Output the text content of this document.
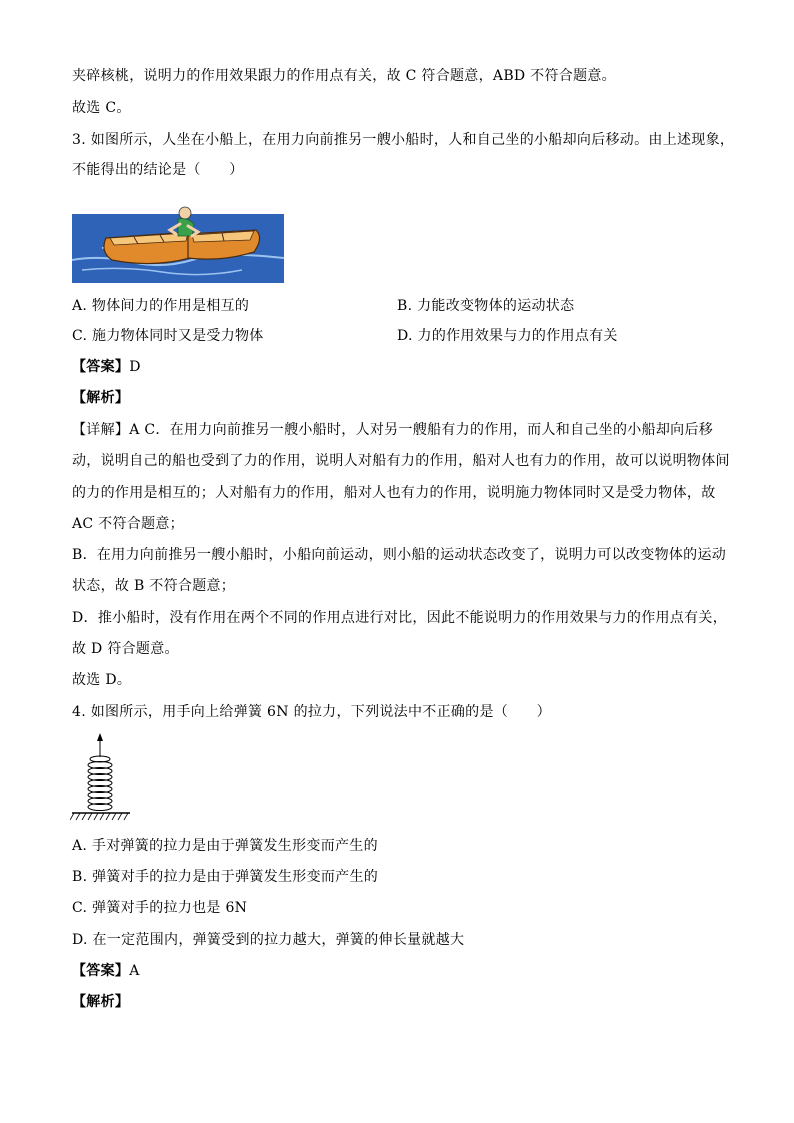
夹碎核桃，说明力的作用效果跟力的作用点有关，故 C 符合题意，ABD 不符合题意。
故选 C。
3. 如图所示，人坐在小船上，在用力向前推另一艘小船时，人和自己坐的小船却向后移动。由上述现象，
不能得出的结论是（　　）
A. 物体间力的作用是相互的	B. 力能改变物体的运动状态
C. 施力物体同时又是受力物体	D. 力的作用效果与力的作用点有关
【答案】D
【解析】
【详解】A C．在用力向前推另一艘小船时，人对另一艘船有力的作用，而人和自己坐的小船却向后移
动，说明自己的船也受到了力的作用，说明人对船有力的作用，船对人也有力的作用，故可以说明物体间
的力的作用是相互的；人对船有力的作用，船对人也有力的作用，说明施力物体同时又是受力物体，故
AC 不符合题意；
B．在用力向前推另一艘小船时，小船向前运动，则小船的运动状态改变了，说明力可以改变物体的运动
状态，故 B 不符合题意；
D．推小船时，没有作用在两个不同的作用点进行对比，因此不能说明力的作用效果与力的作用点有关，
故 D 符合题意。
故选 D。
4. 如图所示，用手向上给弹簧 6N 的拉力，下列说法中不正确的是（　　）
A. 手对弹簧的拉力是由于弹簧发生形变而产生的
B. 弹簧对手的拉力是由于弹簧发生形变而产生的
C. 弹簧对手的拉力也是 6N
D. 在一定范围内，弹簧受到的拉力越大，弹簧的伸长量就越大
【答案】A
【解析】
